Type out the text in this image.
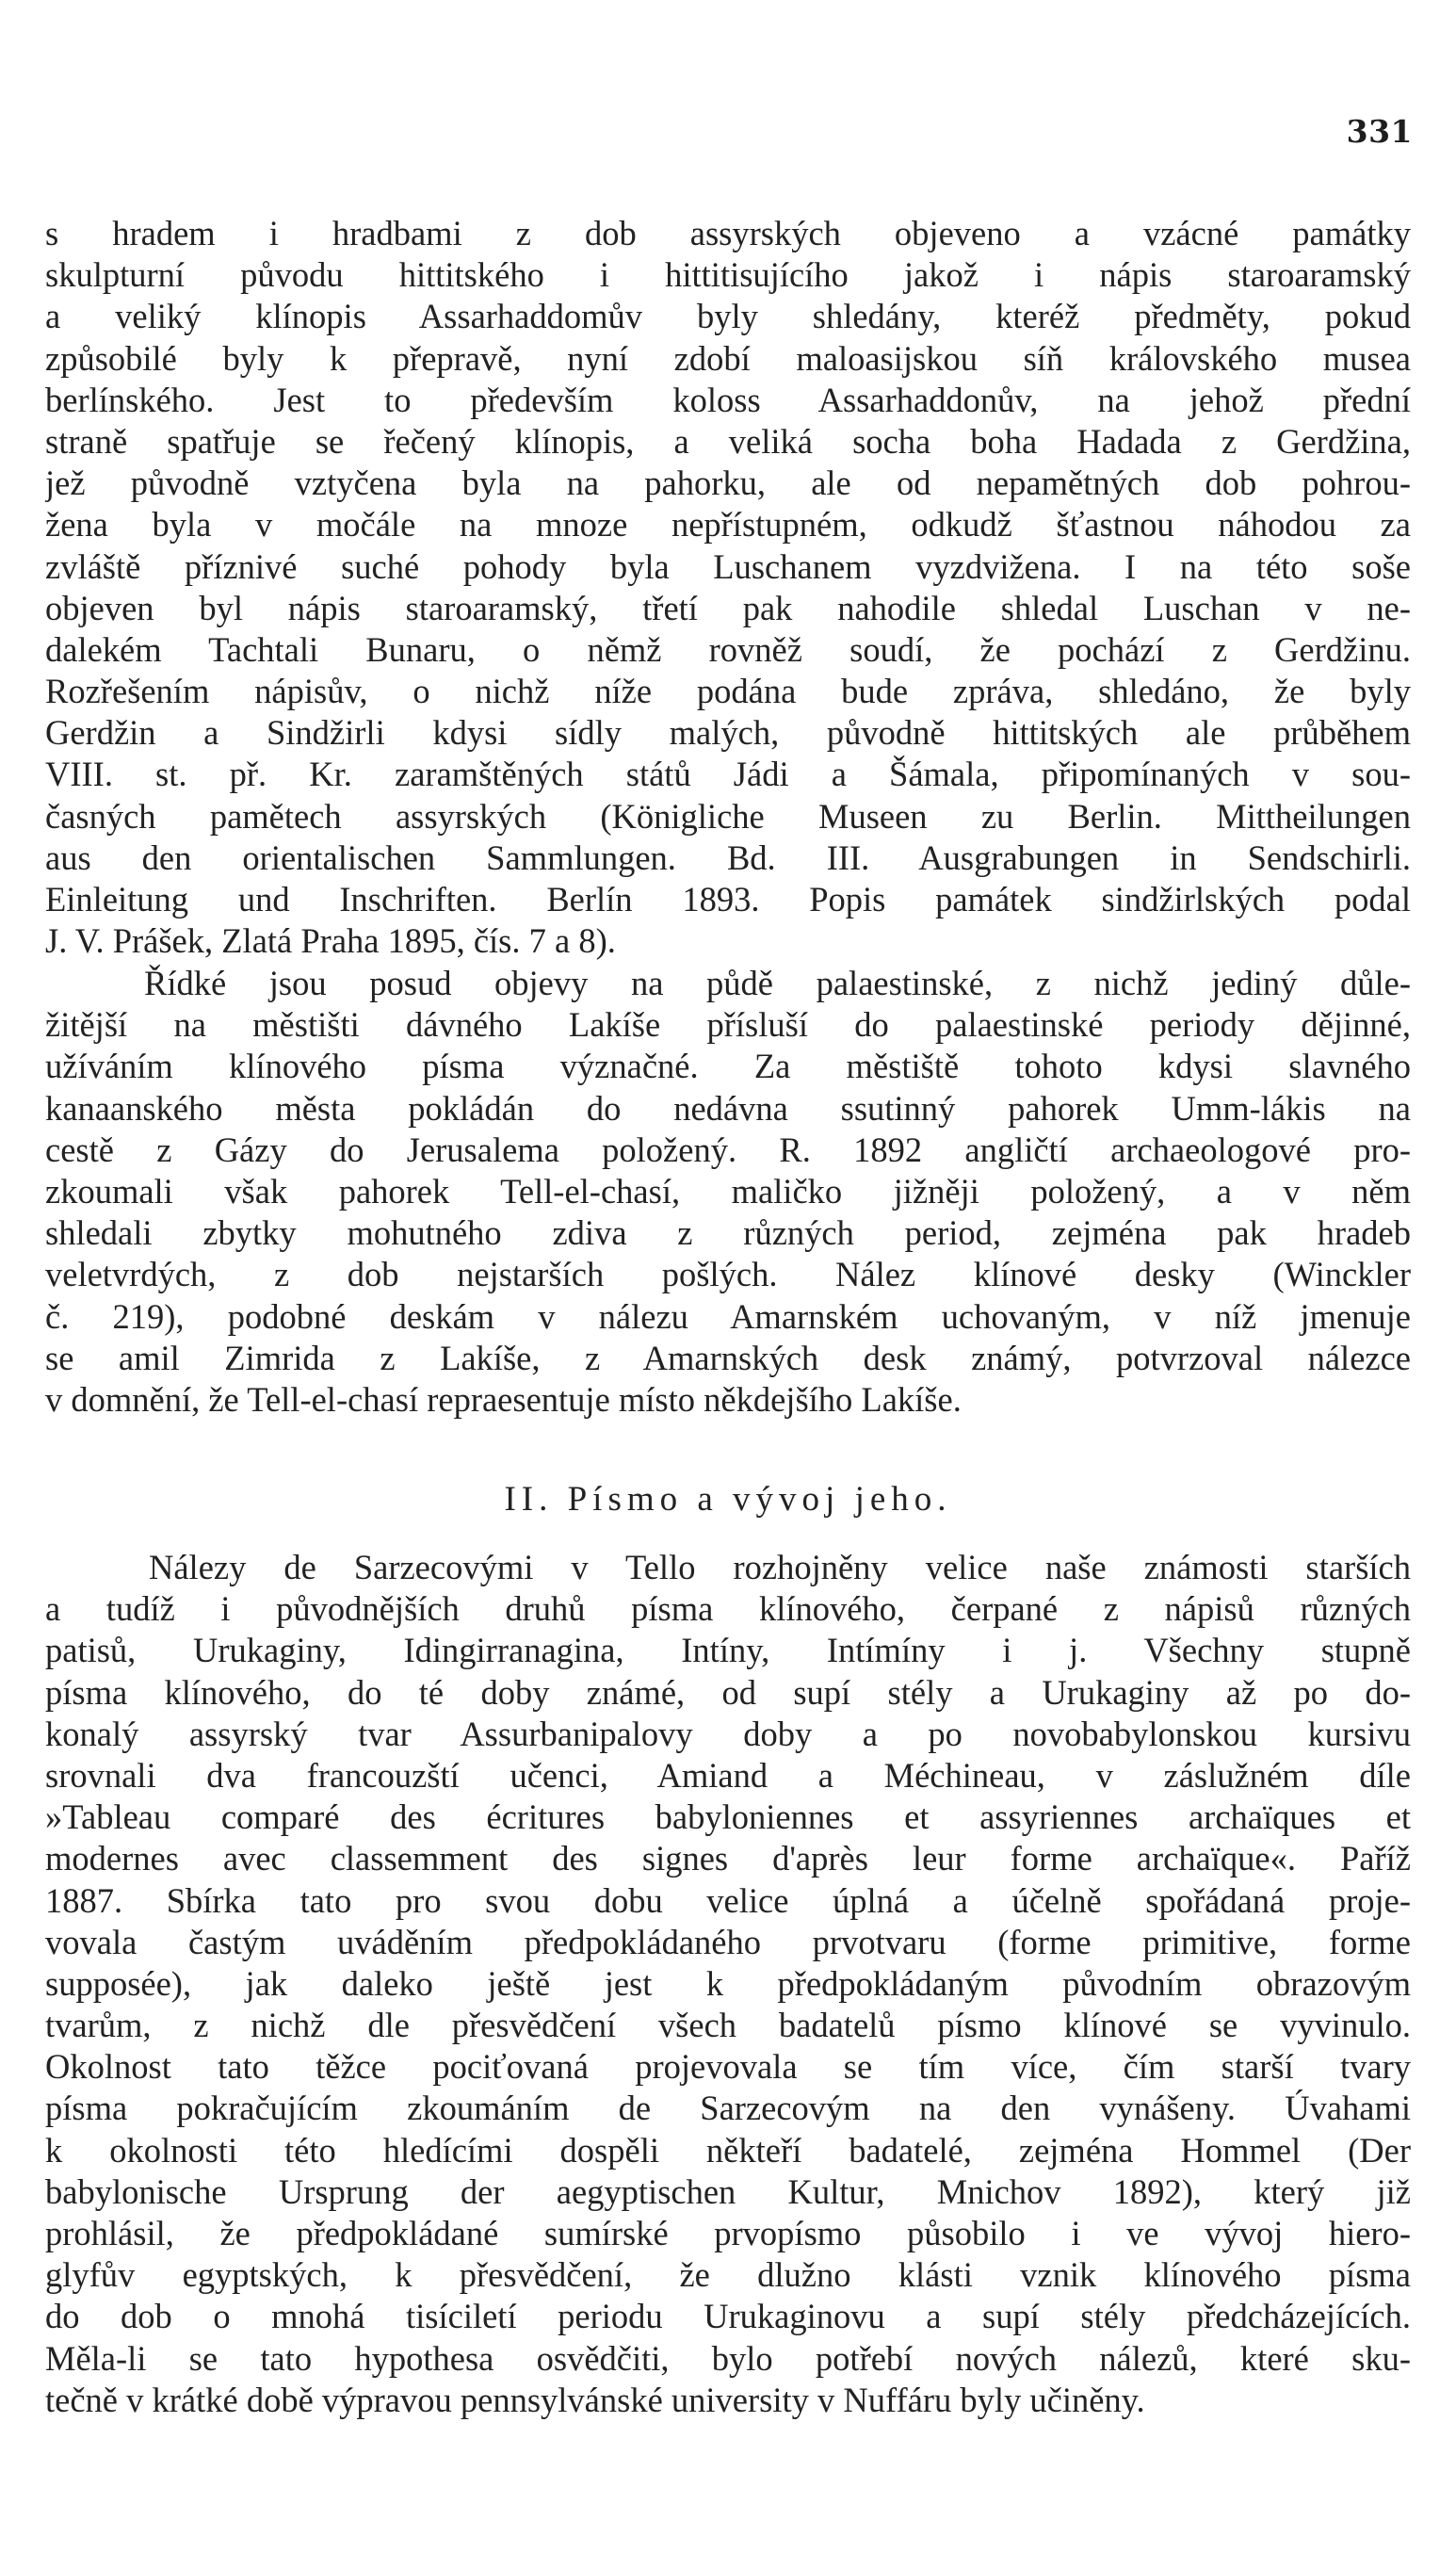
331
s hradem i hradbami z dob assyrských objeveno a vzácné památky
skulpturní původu hittitského i hittitisujícího jakož i nápis staroaramský
a veliký klínopis Assarhaddomův byly shledány, kteréž předměty, pokud
způsobilé byly k přepravě, nyní zdobí maloasijskou síň královského musea
berlínského. Jest to především koloss Assarhaddonův, na jehož přední
straně spatřuje se řečený klínopis, a veliká socha boha Hadada z Gerdžina,
jež původně vztyčena byla na pahorku, ale od nepamětných dob pohrou-
žena byla v močále na mnoze nepřístupném, odkudž šťastnou náhodou za
zvláště příznivé suché pohody byla Luschanem vyzdvižena. I na této soše
objeven byl nápis staroaramský, třetí pak nahodile shledal Luschan v ne-
dalekém Tachtali Bunaru, o němž rovněž soudí, že pochází z Gerdžinu.
Rozřešením nápisův, o nichž níže podána bude zpráva, shledáno, že byly
Gerdžin a Sindžirli kdysi sídly malých, původně hittitských ale průběhem
VIII. st. př. Kr. zaramštěných států Jádi a Šámala, připomínaných v sou-
časných pamětech assyrských (Königliche Museen zu Berlin. Mittheilungen
aus den orientalischen Sammlungen. Bd. III. Ausgrabungen in Sendschirli.
Einleitung und Inschriften. Berlín 1893. Popis památek sindžirlských podal
J. V. Prášek, Zlatá Praha 1895, čís. 7 a 8).
Řídké jsou posud objevy na půdě palaestinské, z nichž jediný důle-
žitější na městišti dávného Lakíše přísluší do palaestinské periody dějinné,
užíváním klínového písma význačné. Za městiště tohoto kdysi slavného
kanaanského města pokládán do nedávna ssutinný pahorek Umm-lákis na
cestě z Gázy do Jerusalema položený. R. 1892 angličtí archaeologové pro-
zkoumali však pahorek Tell-el-chasí, maličko jižněji položený, a v něm
shledali zbytky mohutného zdiva z různých period, zejména pak hradeb
veletvrdých, z dob nejstarších pošlých. Nález klínové desky (Winckler
č. 219), podobné deskám v nálezu Amarnském uchovaným, v níž jmenuje
se amil Zimrida z Lakíše, z Amarnských desk známý, potvrzoval nálezce
v domnění, že Tell-el-chasí repraesentuje místo někdejšího Lakíše.
II. Písmo a vývoj jeho.
Nálezy de Sarzecovými v Tello rozhojněny velice naše známosti starších
a tudíž i původnějších druhů písma klínového, čerpané z nápisů různých
patisů, Urukaginy, Idingirranagina, Intíny, Intímíny i j. Všechny stupně
písma klínového, do té doby známé, od supí stély a Urukaginy až po do-
konalý assyrský tvar Assurbanipalovy doby a po novobabylonskou kursivu
srovnali dva francouzští učenci, Amiand a Méchineau, v záslužném díle
»Tableau comparé des écritures babyloniennes et assyriennes archaïques et
modernes avec classemment des signes d'après leur forme archaïque«. Paříž
1887. Sbírka tato pro svou dobu velice úplná a účelně spořádaná proje-
vovala častým uváděním předpokládaného prvotvaru (forme primitive, forme
supposée), jak daleko ještě jest k předpokládaným původním obrazovým
tvarům, z nichž dle přesvědčení všech badatelů písmo klínové se vyvinulo.
Okolnost tato těžce pociťovaná projevovala se tím více, čím starší tvary
písma pokračujícím zkoumáním de Sarzecovým na den vynášeny. Úvahami
k okolnosti této hledícími dospěli někteří badatelé, zejména Hommel (Der
babylonische Ursprung der aegyptischen Kultur, Mnichov 1892), který již
prohlásil, že předpokládané sumírské prvopísmo působilo i ve vývoj hiero-
glyfův egyptských, k přesvědčení, že dlužno klásti vznik klínového písma
do dob o mnohá tisíciletí periodu Urukaginovu a supí stély předcházejících.
Měla-li se tato hypothesa osvědčiti, bylo potřebí nových nálezů, které sku-
tečně v krátké době výpravou pennsylvánské university v Nuffáru byly učiněny.
